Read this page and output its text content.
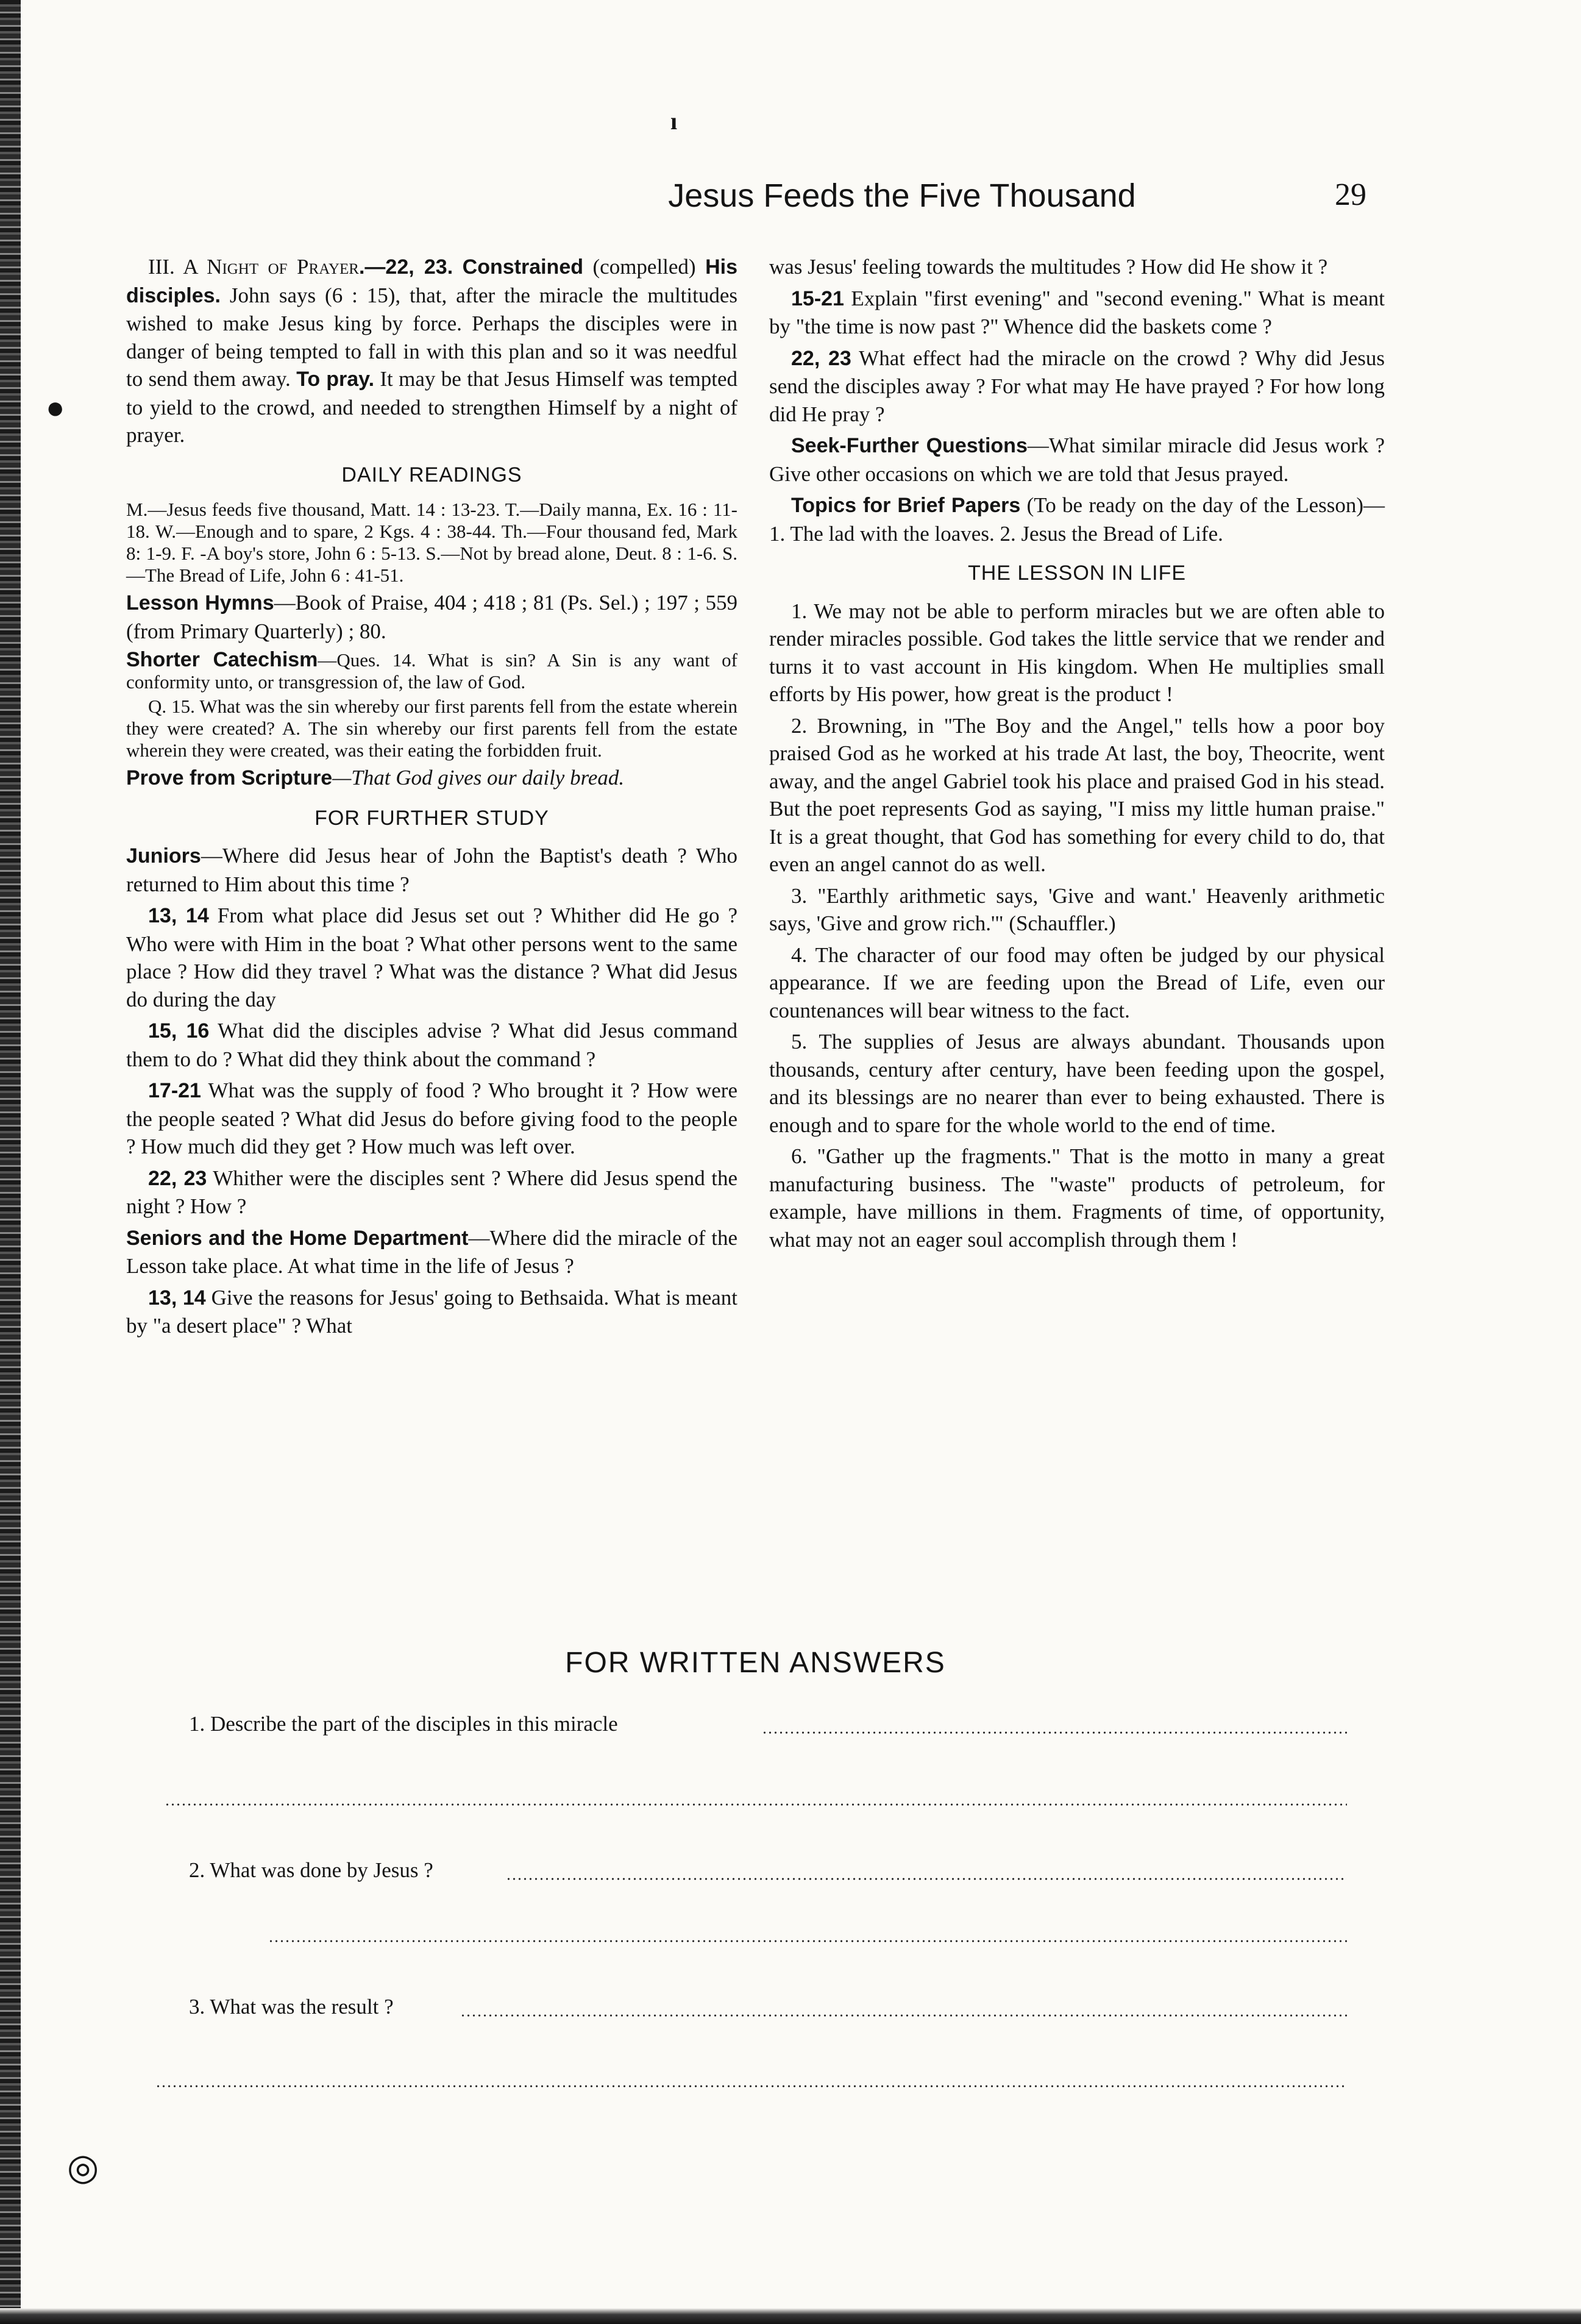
ı
●
◎
Jesus Feeds the Five Thousand	29

III. A Night of Prayer.—22, 23. Constrained (compelled) His disciples. John says (6 : 15), that, after the miracle the multitudes wished to make Jesus king by force. Perhaps the disciples were in danger of being tempted to fall in with this plan and so it was needful to send them away. To pray. It may be that Jesus Himself was tempted to yield to the crowd, and needed to strengthen Himself by a night of prayer.

DAILY READINGS

M.—Jesus feeds five thousand, Matt. 14 : 13-23. T.—Daily manna, Ex. 16 : 11-18. W.—Enough and to spare, 2 Kgs. 4 : 38-44. Th.—Four thousand fed, Mark 8: 1-9. F. -A boy's store, John 6 : 5-13. S.—Not by bread alone, Deut. 8 : 1-6. S.—The Bread of Life, John 6 : 41-51.

Lesson Hymns—Book of Praise, 404 ; 418 ; 81 (Ps. Sel.) ; 197 ; 559 (from Primary Quarterly) ; 80.

Shorter Catechism—Ques. 14. What is sin? A Sin is any want of conformity unto, or transgression of, the law of God.

Q. 15. What was the sin whereby our first parents fell from the estate wherein they were created? A. The sin whereby our first parents fell from the estate wherein they were created, was their eating the forbidden fruit.

Prove from Scripture—That God gives our daily bread.

FOR FURTHER STUDY

Juniors—Where did Jesus hear of John the Baptist's death ? Who returned to Him about this time ?

13, 14 From what place did Jesus set out ? Whither did He go ? Who were with Him in the boat ? What other persons went to the same place ? How did they travel ? What was the distance ? What did Jesus do during the day

15, 16 What did the disciples advise ? What did Jesus command them to do ? What did they think about the command ?

17-21 What was the supply of food ? Who brought it ? How were the people seated ? What did Jesus do before giving food to the people ? How much did they get ? How much was left over.

22, 23 Whither were the disciples sent ? Where did Jesus spend the night ? How ?

Seniors and the Home Department—Where did the miracle of the Lesson take place. At what time in the life of Jesus ?

13, 14 Give the reasons for Jesus' going to Bethsaida. What is meant by "a desert place" ? What

was Jesus' feeling towards the multitudes ? How did He show it ?

15-21 Explain "first evening" and "second evening." What is meant by "the time is now past ?" Whence did the baskets come ?

22, 23 What effect had the miracle on the crowd ? Why did Jesus send the disciples away ? For what may He have prayed ? For how long did He pray ?

Seek-Further Questions—What similar miracle did Jesus work ? Give other occasions on which we are told that Jesus prayed.

Topics for Brief Papers (To be ready on the day of the Lesson)—1. The lad with the loaves. 2. Jesus the Bread of Life.

THE LESSON IN LIFE

1. We may not be able to perform miracles but we are often able to render miracles possible. God takes the little service that we render and turns it to vast account in His kingdom. When He multiplies small efforts by His power, how great is the product !

2. Browning, in "The Boy and the Angel," tells how a poor boy praised God as he worked at his trade At last, the boy, Theocrite, went away, and the angel Gabriel took his place and praised God in his stead. But the poet represents God as saying, "I miss my little human praise." It is a great thought, that God has something for every child to do, that even an angel cannot do as well.

3. "Earthly arithmetic says, 'Give and want.' Heavenly arithmetic says, 'Give and grow rich.'" (Schauffler.)

4. The character of our food may often be judged by our physical appearance. If we are feeding upon the Bread of Life, even our countenances will bear witness to the fact.

5. The supplies of Jesus are always abundant. Thousands upon thousands, century after century, have been feeding upon the gospel, and its blessings are no nearer than ever to being exhausted. There is enough and to spare for the whole world to the end of time.

6. "Gather up the fragments." That is the motto in many a great manufacturing business. The "waste" products of petroleum, for example, have millions in them. Fragments of time, of opportunity, what may not an eager soul accomplish through them !

FOR WRITTEN ANSWERS
1. Describe the part of the disciples in this miracle
2. What was done by Jesus ?
3. What was the result ?
